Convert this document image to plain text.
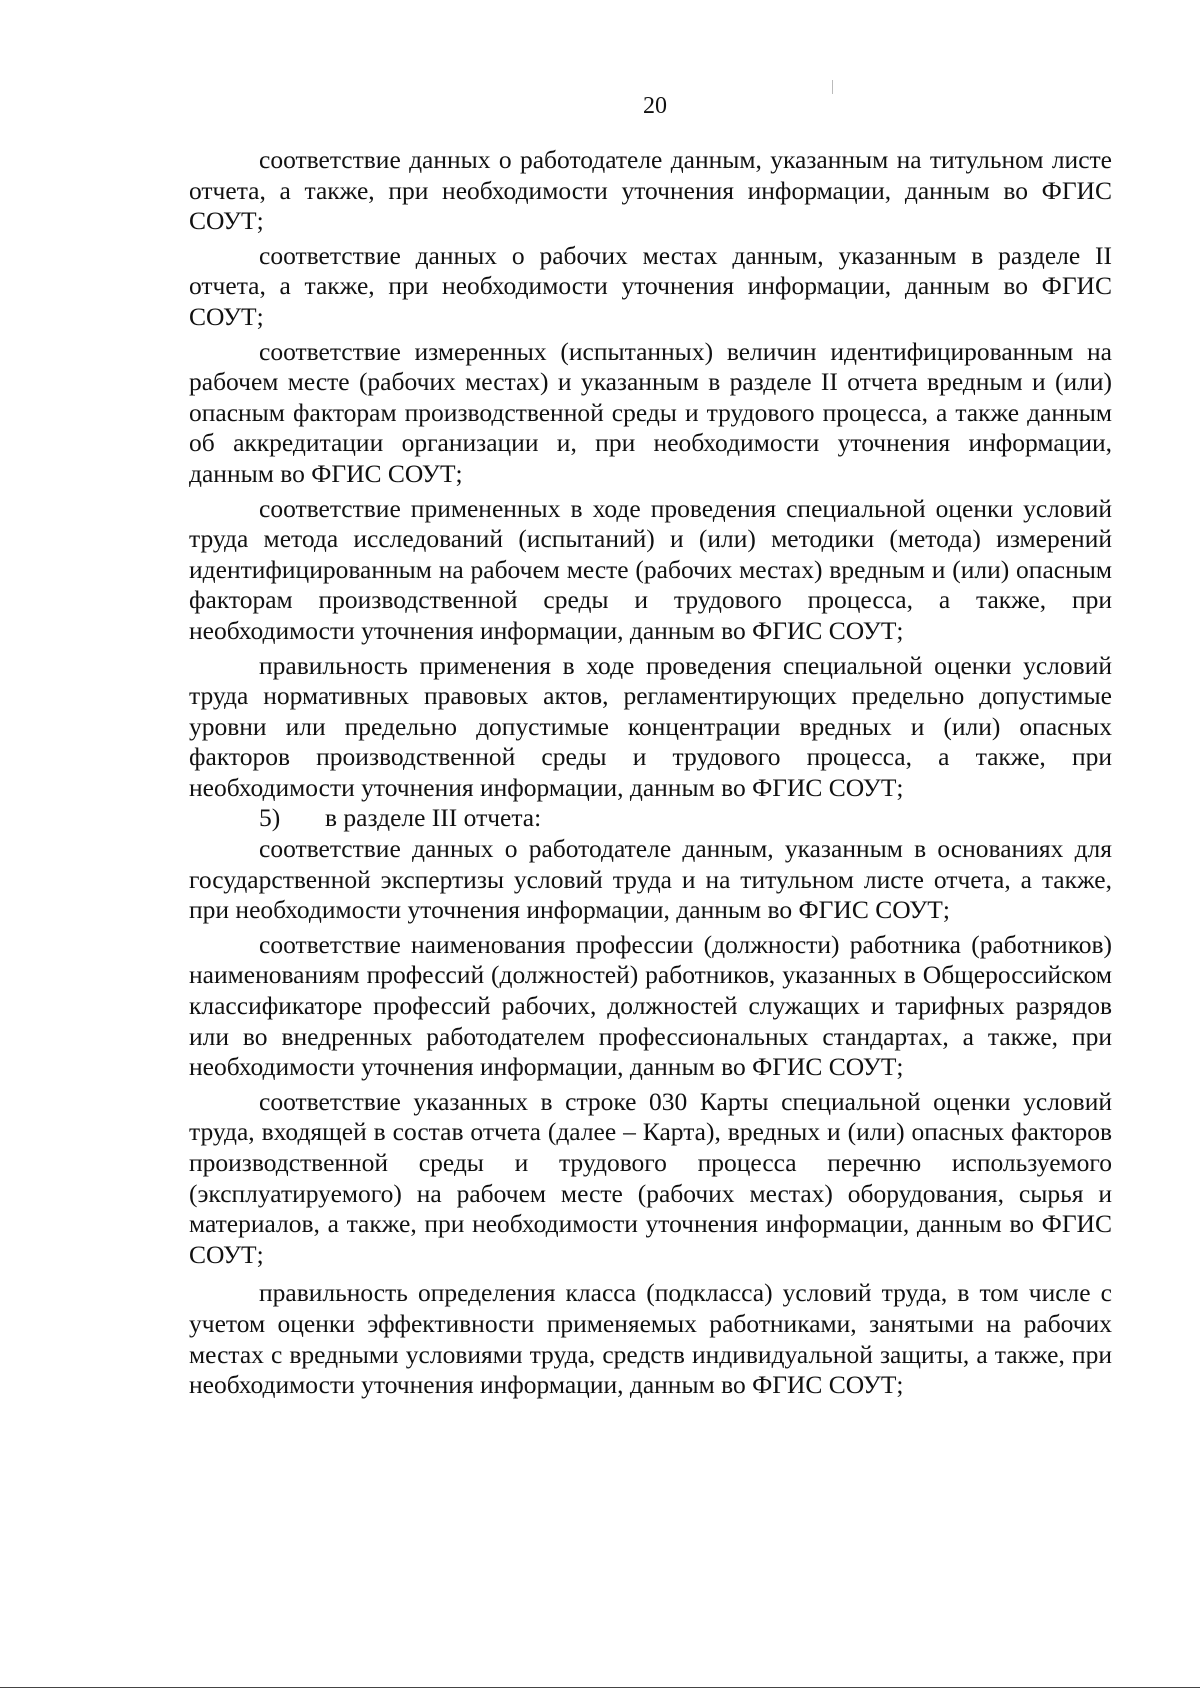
20

соответствие данных о работодателе данным, указанным на титульном листе отчета, а также, при необходимости уточнения информации, данным во ФГИС СОУТ;

соответствие данных о рабочих местах данным, указанным в разделе II отчета, а также, при необходимости уточнения информации, данным во ФГИС СОУТ;

соответствие измеренных (испытанных) величин идентифицированным на рабочем месте (рабочих местах) и указанным в разделе II отчета вредным и (или) опасным факторам производственной среды и трудового процесса, а также данным об аккредитации организации и, при необходимости уточнения информации, данным во ФГИС СОУТ;

соответствие примененных в ходе проведения специальной оценки условий труда метода исследований (испытаний) и (или) методики (метода) измерений идентифицированным на рабочем месте (рабочих местах) вредным и (или) опасным факторам производственной среды и трудового процесса, а также, при необходимости уточнения информации, данным во ФГИС СОУТ;

правильность применения в ходе проведения специальной оценки условий труда нормативных правовых актов, регламентирующих предельно допустимые уровни или предельно допустимые концентрации вредных и (или) опасных факторов производственной среды и трудового процесса, а также, при необходимости уточнения информации, данным во ФГИС СОУТ;

5) в разделе III отчета:

соответствие данных о работодателе данным, указанным в основаниях для государственной экспертизы условий труда и на титульном листе отчета, а также, при необходимости уточнения информации, данным во ФГИС СОУТ;

соответствие наименования профессии (должности) работника (работников) наименованиям профессий (должностей) работников, указанных в Общероссийском классификаторе профессий рабочих, должностей служащих и тарифных разрядов или во внедренных работодателем профессиональных стандартах, а также, при необходимости уточнения информации, данным во ФГИС СОУТ;

соответствие указанных в строке 030 Карты специальной оценки условий труда, входящей в состав отчета (далее – Карта), вредных и (или) опасных факторов производственной среды и трудового процесса перечню используемого (эксплуатируемого) на рабочем месте (рабочих местах) оборудования, сырья и материалов, а также, при необходимости уточнения информации, данным во ФГИС СОУТ;

правильность определения класса (подкласса) условий труда, в том числе с учетом оценки эффективности применяемых работниками, занятыми на рабочих местах с вредными условиями труда, средств индивидуальной защиты, а также, при необходимости уточнения информации, данным во ФГИС СОУТ;
